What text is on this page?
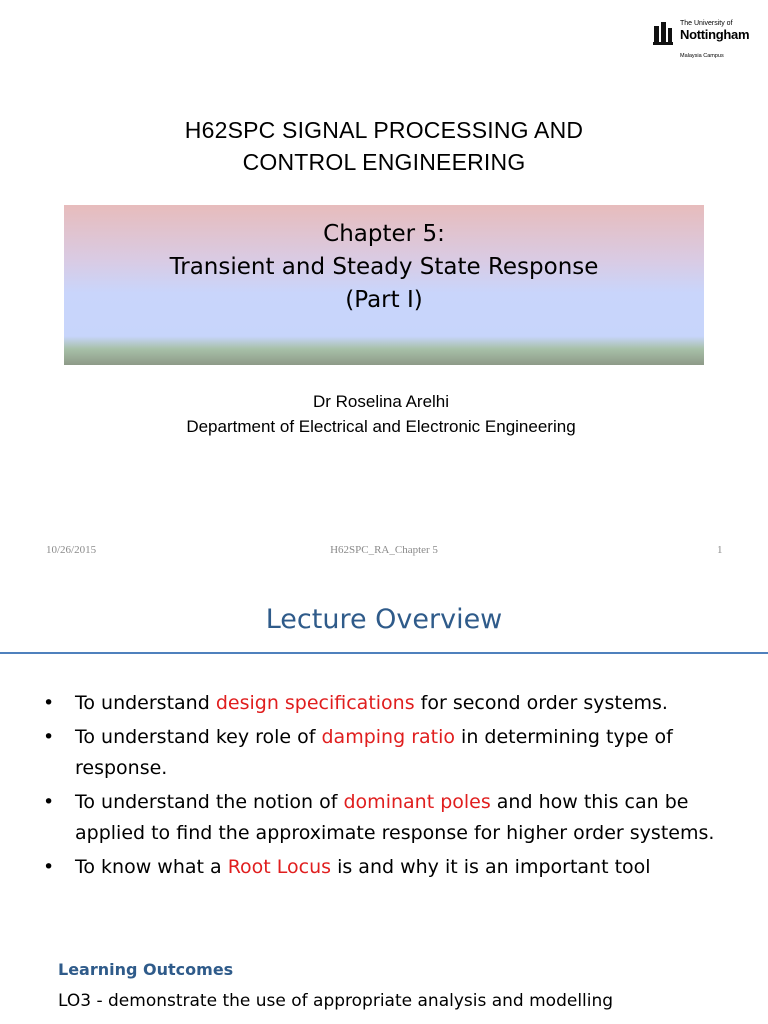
The University of
Nottingham
Malaysia Campus
H62SPC SIGNAL PROCESSING AND
CONTROL ENGINEERING
Chapter 5:
Transient and Steady State Response
(Part I)
Dr Roselina Arelhi
Department of Electrical and Electronic Engineering
10/26/2015	H62SPC_RA_Chapter 5	1
Lecture Overview
• To understand design specifications for second order systems.
• To understand key role of damping ratio in determining type of response.
• To understand the notion of dominant poles and how this can be applied to find the approximate response for higher order systems.
• To know what a Root Locus is and why it is an important tool
Learning Outcomes
LO3 - demonstrate the use of appropriate analysis and modelling
